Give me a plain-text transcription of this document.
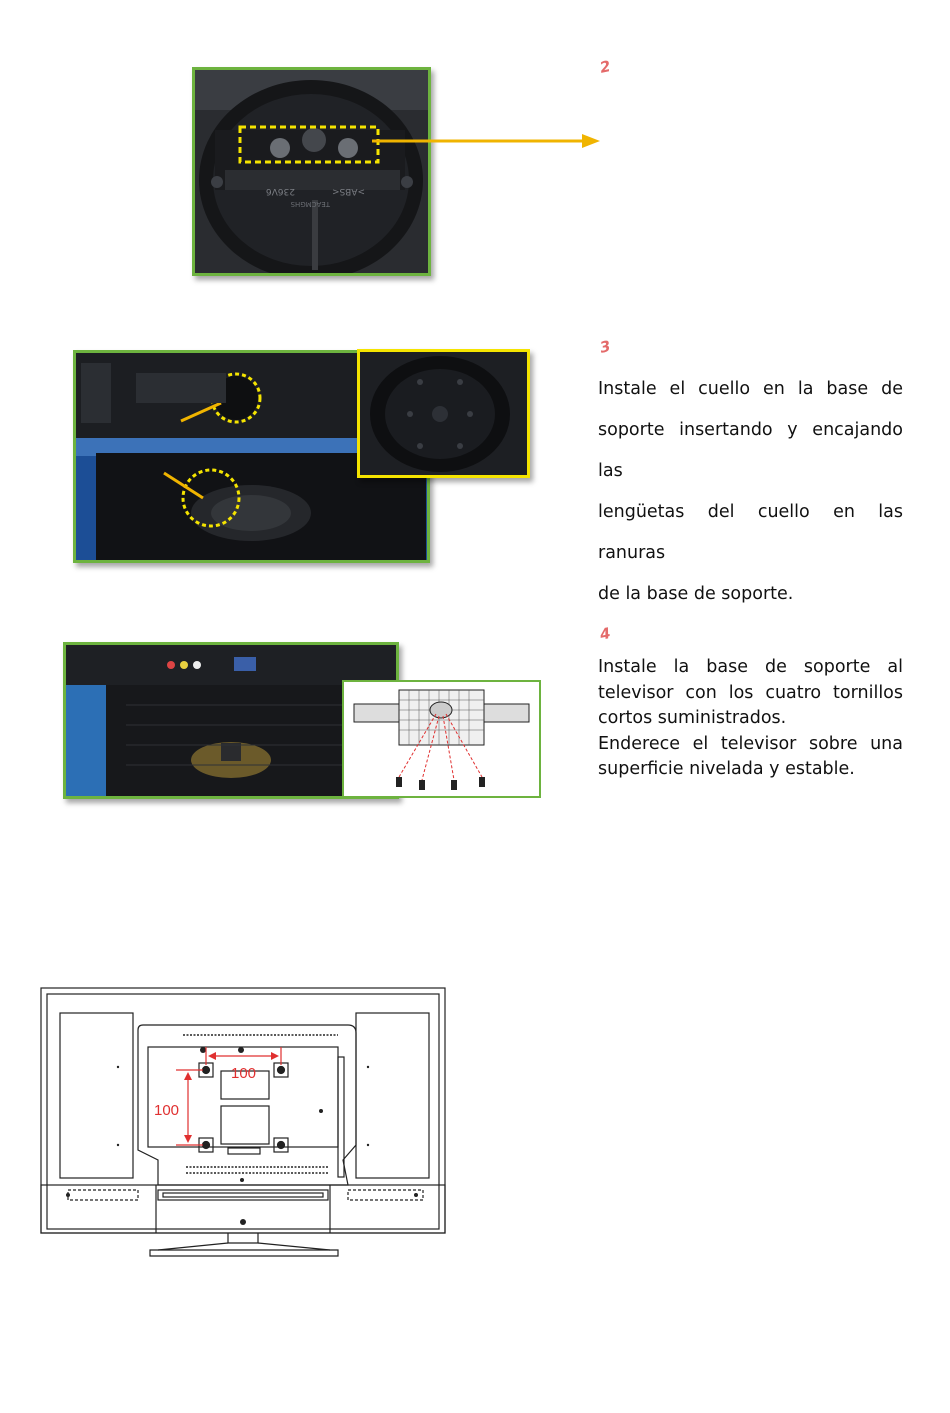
236V6	>ABS<
TEACMGHS
2
3
Instale el cuello en la base de
soporte insertando y encajando las
lengüetas del cuello en las ranuras
de la base de soporte.
4
Instale la base de soporte al
televisor con los cuatro tornillos
cortos suministrados.
Enderece el televisor sobre una
superficie nivelada y estable.
100
100
